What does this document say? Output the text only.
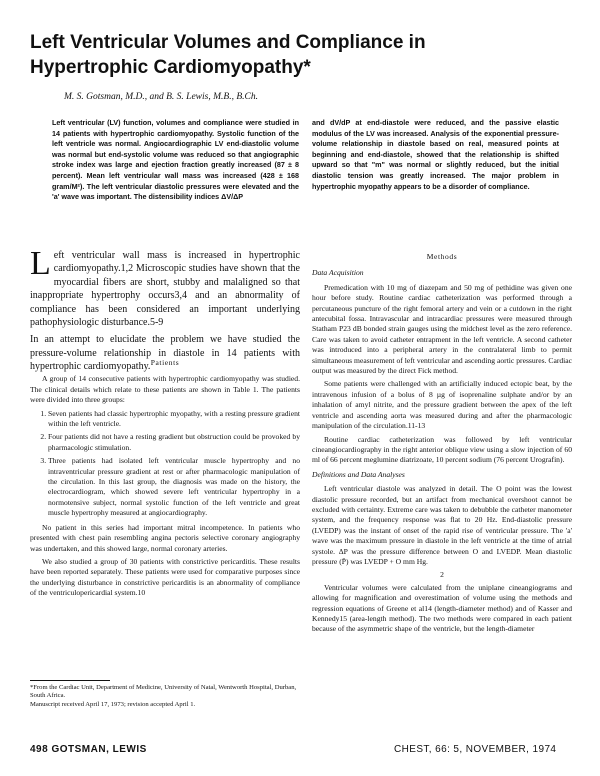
Left Ventricular Volumes and Compliance in
Hypertrophic Cardiomyopathy*
M. S. Gotsman, M.D., and B. S. Lewis, M.B., B.Ch.

Left ventricular (LV) function, volumes and compliance were studied in 14 patients with hypertrophic cardiomyopathy. Systolic function of the left ventricle was normal. Angiocardiographic LV end-diastolic volume was normal but end-systolic volume was reduced so that angiographic stroke index was large and ejection fraction greatly increased (87 ± 8 percent). Mean left ventricular wall mass was increased (428 ± 168 gram/M²). The left ventricular diastolic pressures were elevated and the 'a' wave was important. The distensibility indices ΔV/ΔP

and dV/dP at end-diastole were reduced, and the passive elastic modulus of the LV was increased. Analysis of the exponential pressure-volume relationship in diastole based on real, measured points at beginning and end-diastole, showed that the relationship is shifted upward so that "m" was normal or slightly reduced, but the initial diastolic tension was greatly increased. The major problem in hypertrophic myopathy appears to be a disorder of compliance.

Left ventricular wall mass is increased in hypertrophic cardiomyopathy.1,2 Microscopic studies have shown that the myocardial fibers are short, stubby and malaligned so that inappropriate hypertrophy occurs3,4 and an abnormality of compliance has been considered an important underlying pathophysiologic disturbance.5-9

In an attempt to elucidate the problem we have studied the pressure-volume relationship in diastole in 14 patients with hypertrophic cardiomyopathy. Patients

A group of 14 consecutive patients with hypertrophic cardiomyopathy was studied. The clinical details which relate to these patients are shown in Table 1. The patients were divided into three groups:

1. Seven patients had classic hypertrophic myopathy, with a resting pressure gradient within the left ventricle.
2. Four patients did not have a resting gradient but obstruction could be provoked by pharmacologic stimulation.
3. Three patients had isolated left ventricular muscle hypertrophy and no intraventricular pressure gradient at rest or after pharmacologic manipulation of the circulation. In this last group, the diagnosis was made on the history, the electrocardiogram, which showed severe left ventricular hypertrophy in a normotensive subject, normal systolic function of the left ventricle and great muscle hypertrophy measured at angiocardiography.

No patient in this series had important mitral incompetence. In patients who presented with chest pain resembling angina pectoris selective coronary angiography was undertaken, and this showed large, normal coronary arteries.

We also studied a group of 30 patients with constrictive pericarditis. These results have been reported separately. These patients were used for comparative purposes since the underlying disturbance in constrictive pericarditis is an abnormality of compliance of the ventriculopericardial system.10

*From the Cardiac Unit, Department of Medicine, University of Natal, Wentworth Hospital, Durban, South Africa.
Manuscript received April 17, 1973; revision accepted April 1.
Methods
Data Acquisition

Premedication with 10 mg of diazepam and 50 mg of pethidine was given one hour before study. Routine cardiac catheterization was performed through a percutaneous puncture of the right femoral artery and vein or a cutdown in the right antecubital fossa. Intravascular and intracardiac pressures were measured through Statham P23 dB bonded strain gauges using the midchest level as the zero reference. Care was taken to avoid catheter entrapment in the left ventricle. A second catheter was introduced into a peripheral artery in the contralateral limb to permit simultaneous measurement of left ventricular and ascending aortic pressures. Cardiac output was measured by the direct Fick method.

Some patients were challenged with an artificially induced ectopic beat, by the intravenous infusion of a bolus of 8 µg of isoprenaline sulphate and/or by an inhalation of amyl nitrite, and the pressure gradient between the apex of the left ventricle and ascending aorta was measured during and after the pharmacologic manipulation of the circulation.11-13

Routine cardiac catheterization was followed by left ventricular cineangiocardiography in the right anterior oblique view using a slow injection of 60 ml of 66 percent meglumine diatrizoate, 10 percent sodium (76 percent Urografin).

Definitions and Data Analyses

Left ventricular diastole was analyzed in detail. The O point was the lowest diastolic pressure recorded, but an artifact from mechanical overshoot cannot be excluded with certainty. Extreme care was taken to debubble the catheter manometer system, and the frequency response was flat to 20 Hz. End-diastolic pressure (LVEDP) was the instant of onset of the rapid rise of ventricular pressure. The 'a' wave was the maximum pressure in diastole in the left ventricle at the time of atrial systole. ΔP was the pressure difference between O and LVEDP. Mean diastolic pressure (P̄) was LVEDP + O mm Hg.

2

Ventricular volumes were calculated from the uniplane cineangiograms and allowing for magnification and overestimation of volume using the methods and regression equations of Greene et al14 (length-diameter method) and of Kasser and Kennedy15 (area-length method). The two methods were compared in each patient because of the asymmetric shape of the ventricle, but the length-diameter

498 GOTSMAN, LEWIS	CHEST, 66: 5, NOVEMBER, 1974
